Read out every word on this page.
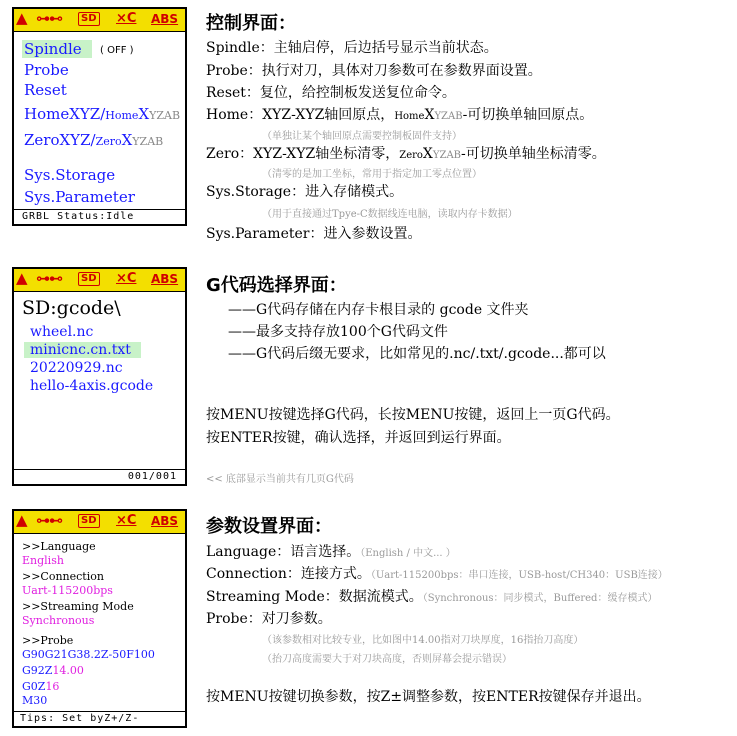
▲ ⊶⊷	SD ×C ABS
Spindle	( OFF )
Probe
Reset
HomeXYZ/HomeXYZAB
ZeroXYZ/ZeroXYZAB
Sys.Storage
Sys.Parameter
GRBL Status:Idle
▲ ⊶⊷	SD ×C ABS
SD:gcode\
wheel.nc
minicnc.cn.txt
20220929.nc
hello-4axis.gcode
001/001
▲ ⊶⊷	SD ×C ABS
>>Language
English
>>Connection
Uart-115200bps
>>Streaming Mode
Synchronous
>>Probe
G90G21G38.2Z-50F100
G92Z14.00
G0Z16
M30
Tips: Set byZ+/Z-
控制界面：
Spindle：主轴启停，后边括号显示当前状态。
Probe：执行对刀，具体对刀参数可在参数界面设置。
Reset：复位，给控制板发送复位命令。
Home：XYZ-XYZ轴回原点，HomeXYZAB-可切换单轴回原点。
（单独让某个轴回原点需要控制板固件支持）
Zero：XYZ-XYZ轴坐标清零，ZeroXYZAB-可切换单轴坐标清零。
（清零的是加工坐标，常用于指定加工零点位置）
Sys.Storage：进入存储模式。
（用于直接通过Tpye-C数据线连电脑，读取内存卡数据）
Sys.Parameter：进入参数设置。
G代码选择界面：
——G代码存储在内存卡根目录的 gcode 文件夹
——最多支持存放100个G代码文件
——G代码后缀无要求，比如常见的.nc/.txt/.gcode...都可以
按MENU按键选择G代码，长按MENU按键，返回上一页G代码。
按ENTER按键，确认选择，并返回到运行界面。
<< 底部显示当前共有几页G代码
参数设置界面：
Language：语言选择。（English / 中文... ）
Connection：连接方式。（Uart-115200bps：串口连接，USB-host/CH340：USB连接）
Streaming Mode：数据流模式。（Synchronous：同步模式，Buffered：缓存模式）
Probe：对刀参数。
（该参数相对比较专业，比如图中14.00指对刀块厚度，16指抬刀高度）
（抬刀高度需要大于对刀块高度，否则屏幕会提示错误）
按MENU按键切换参数，按Z±调整参数，按ENTER按键保存并退出。
